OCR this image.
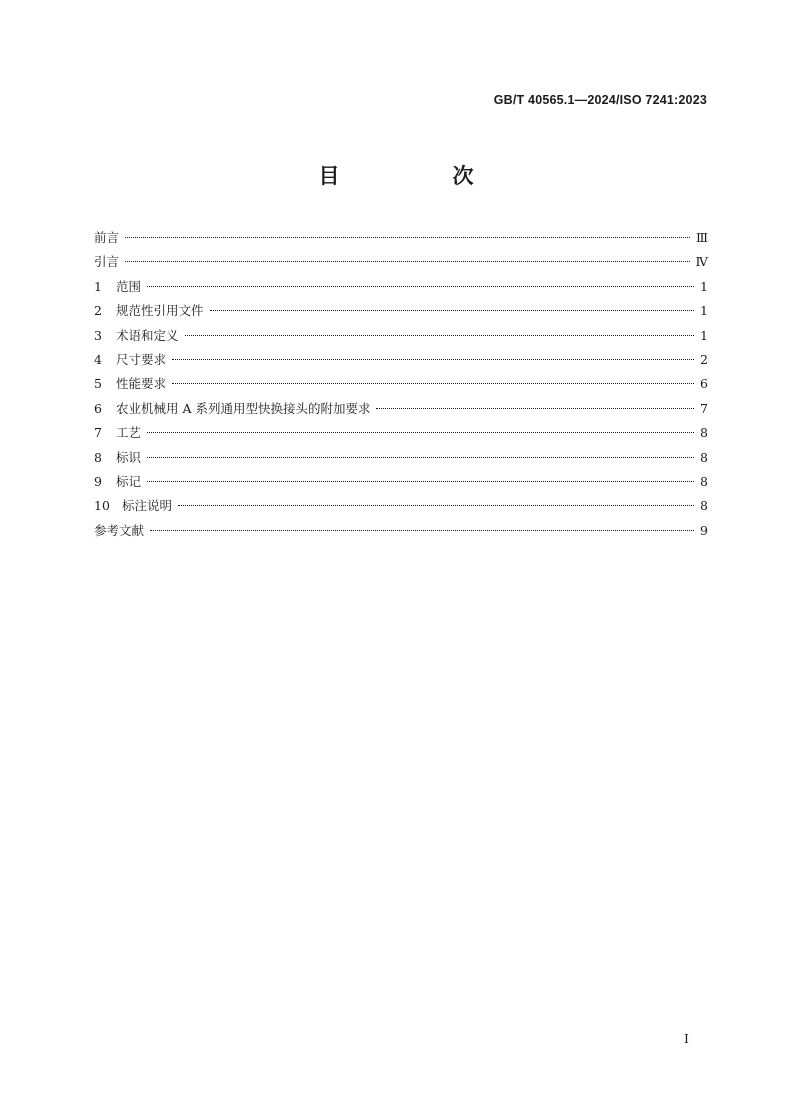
GB/T 40565.1—2024/ISO 7241:2023
目　次
前言	Ⅲ
引言	Ⅳ
1 范围	1
2 规范性引用文件	1
3 术语和定义	1
4 尺寸要求	2
5 性能要求	6
6 农业机械用 A 系列通用型快换接头的附加要求	7
7 工艺	8
8 标识	8
9 标记	8
10 标注说明	8
参考文献	9
I
